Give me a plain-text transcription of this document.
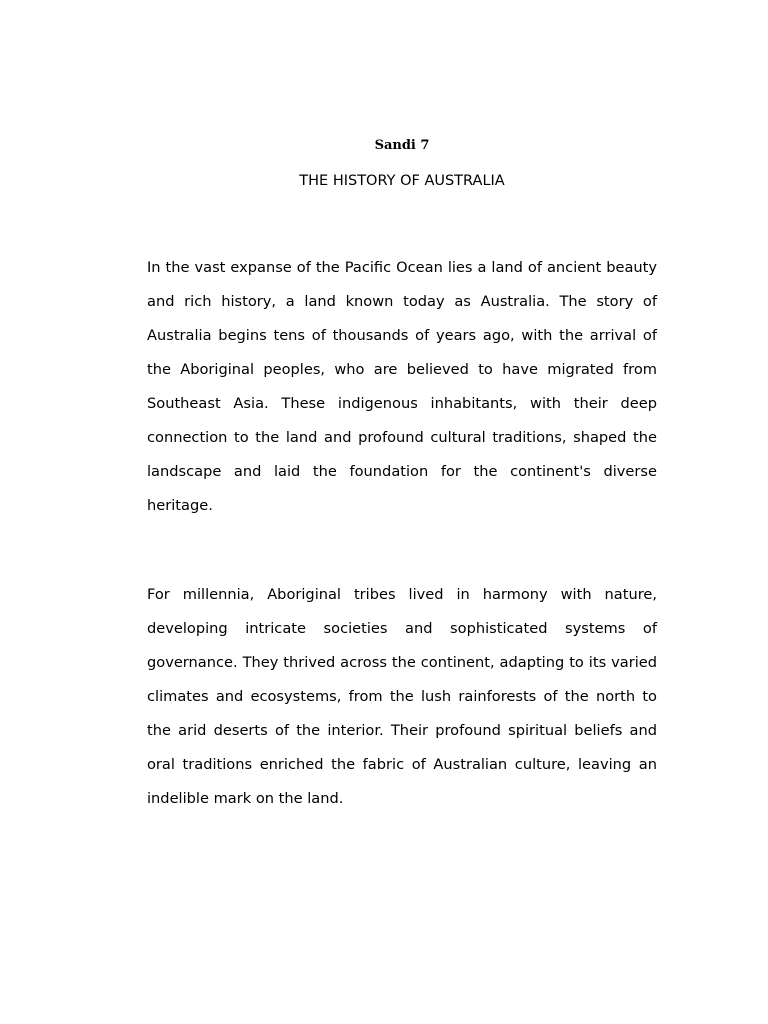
Sandi 7
THE HISTORY OF AUSTRALIA

In the vast expanse of the Pacific Ocean lies a land of ancient beauty and rich history, a land known today as Australia. The story of Australia begins tens of thousands of years ago, with the arrival of the Aboriginal peoples, who are believed to have migrated from Southeast Asia. These indigenous inhabitants, with their deep connection to the land and profound cultural traditions, shaped the landscape and laid the foundation for the continent's diverse heritage.

For millennia, Aboriginal tribes lived in harmony with nature, developing intricate societies and sophisticated systems of governance. They thrived across the continent, adapting to its varied climates and ecosystems, from the lush rainforests of the north to the arid deserts of the interior. Their profound spiritual beliefs and oral traditions enriched the fabric of Australian culture, leaving an indelible mark on the land.
